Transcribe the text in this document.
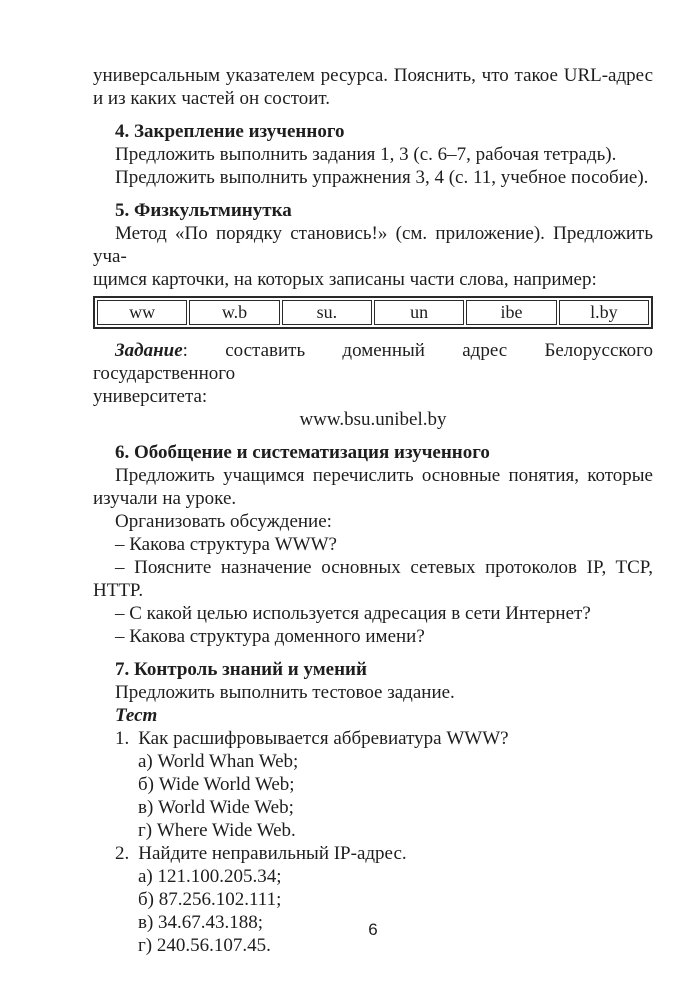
универсальным указателем ресурса. Пояснить, что такое URL-адрес
и из каких частей он состоит.
4. Закрепление изученного
Предложить выполнить задания 1, 3 (с. 6–7, рабочая тетрадь).
Предложить выполнить упражнения 3, 4 (с. 11, учебное пособие).
5. Физкультминутка
Метод «По порядку становись!» (см. приложение). Предложить уча-
щимся карточки, на которых записаны части слова, например:
ww	w.b	su.	un	ibe	l.by
Задание: составить доменный адрес Белорусского государственного
университета:
www.bsu.unibel.by
6. Обобщение и систематизация изученного
Предложить учащимся перечислить основные понятия, которые
изучали на уроке.
Организовать обсуждение:
– Какова структура WWW?
– Поясните назначение основных сетевых протоколов IP, TCP,
HTTP.
– С какой целью используется адресация в сети Интернет?
– Какова структура доменного имени?
7. Контроль знаний и умений
Предложить выполнить тестовое задание.
Тест
1. Как расшифровывается аббревиатура WWW?
а) World Whan Web;
б) Wide World Web;
в) World Wide Web;
г) Where Wide Web.
2. Найдите неправильный IP-адрес.
а) 121.100.205.34;
б) 87.256.102.111;
в) 34.67.43.188;
г) 240.56.107.45.
6
